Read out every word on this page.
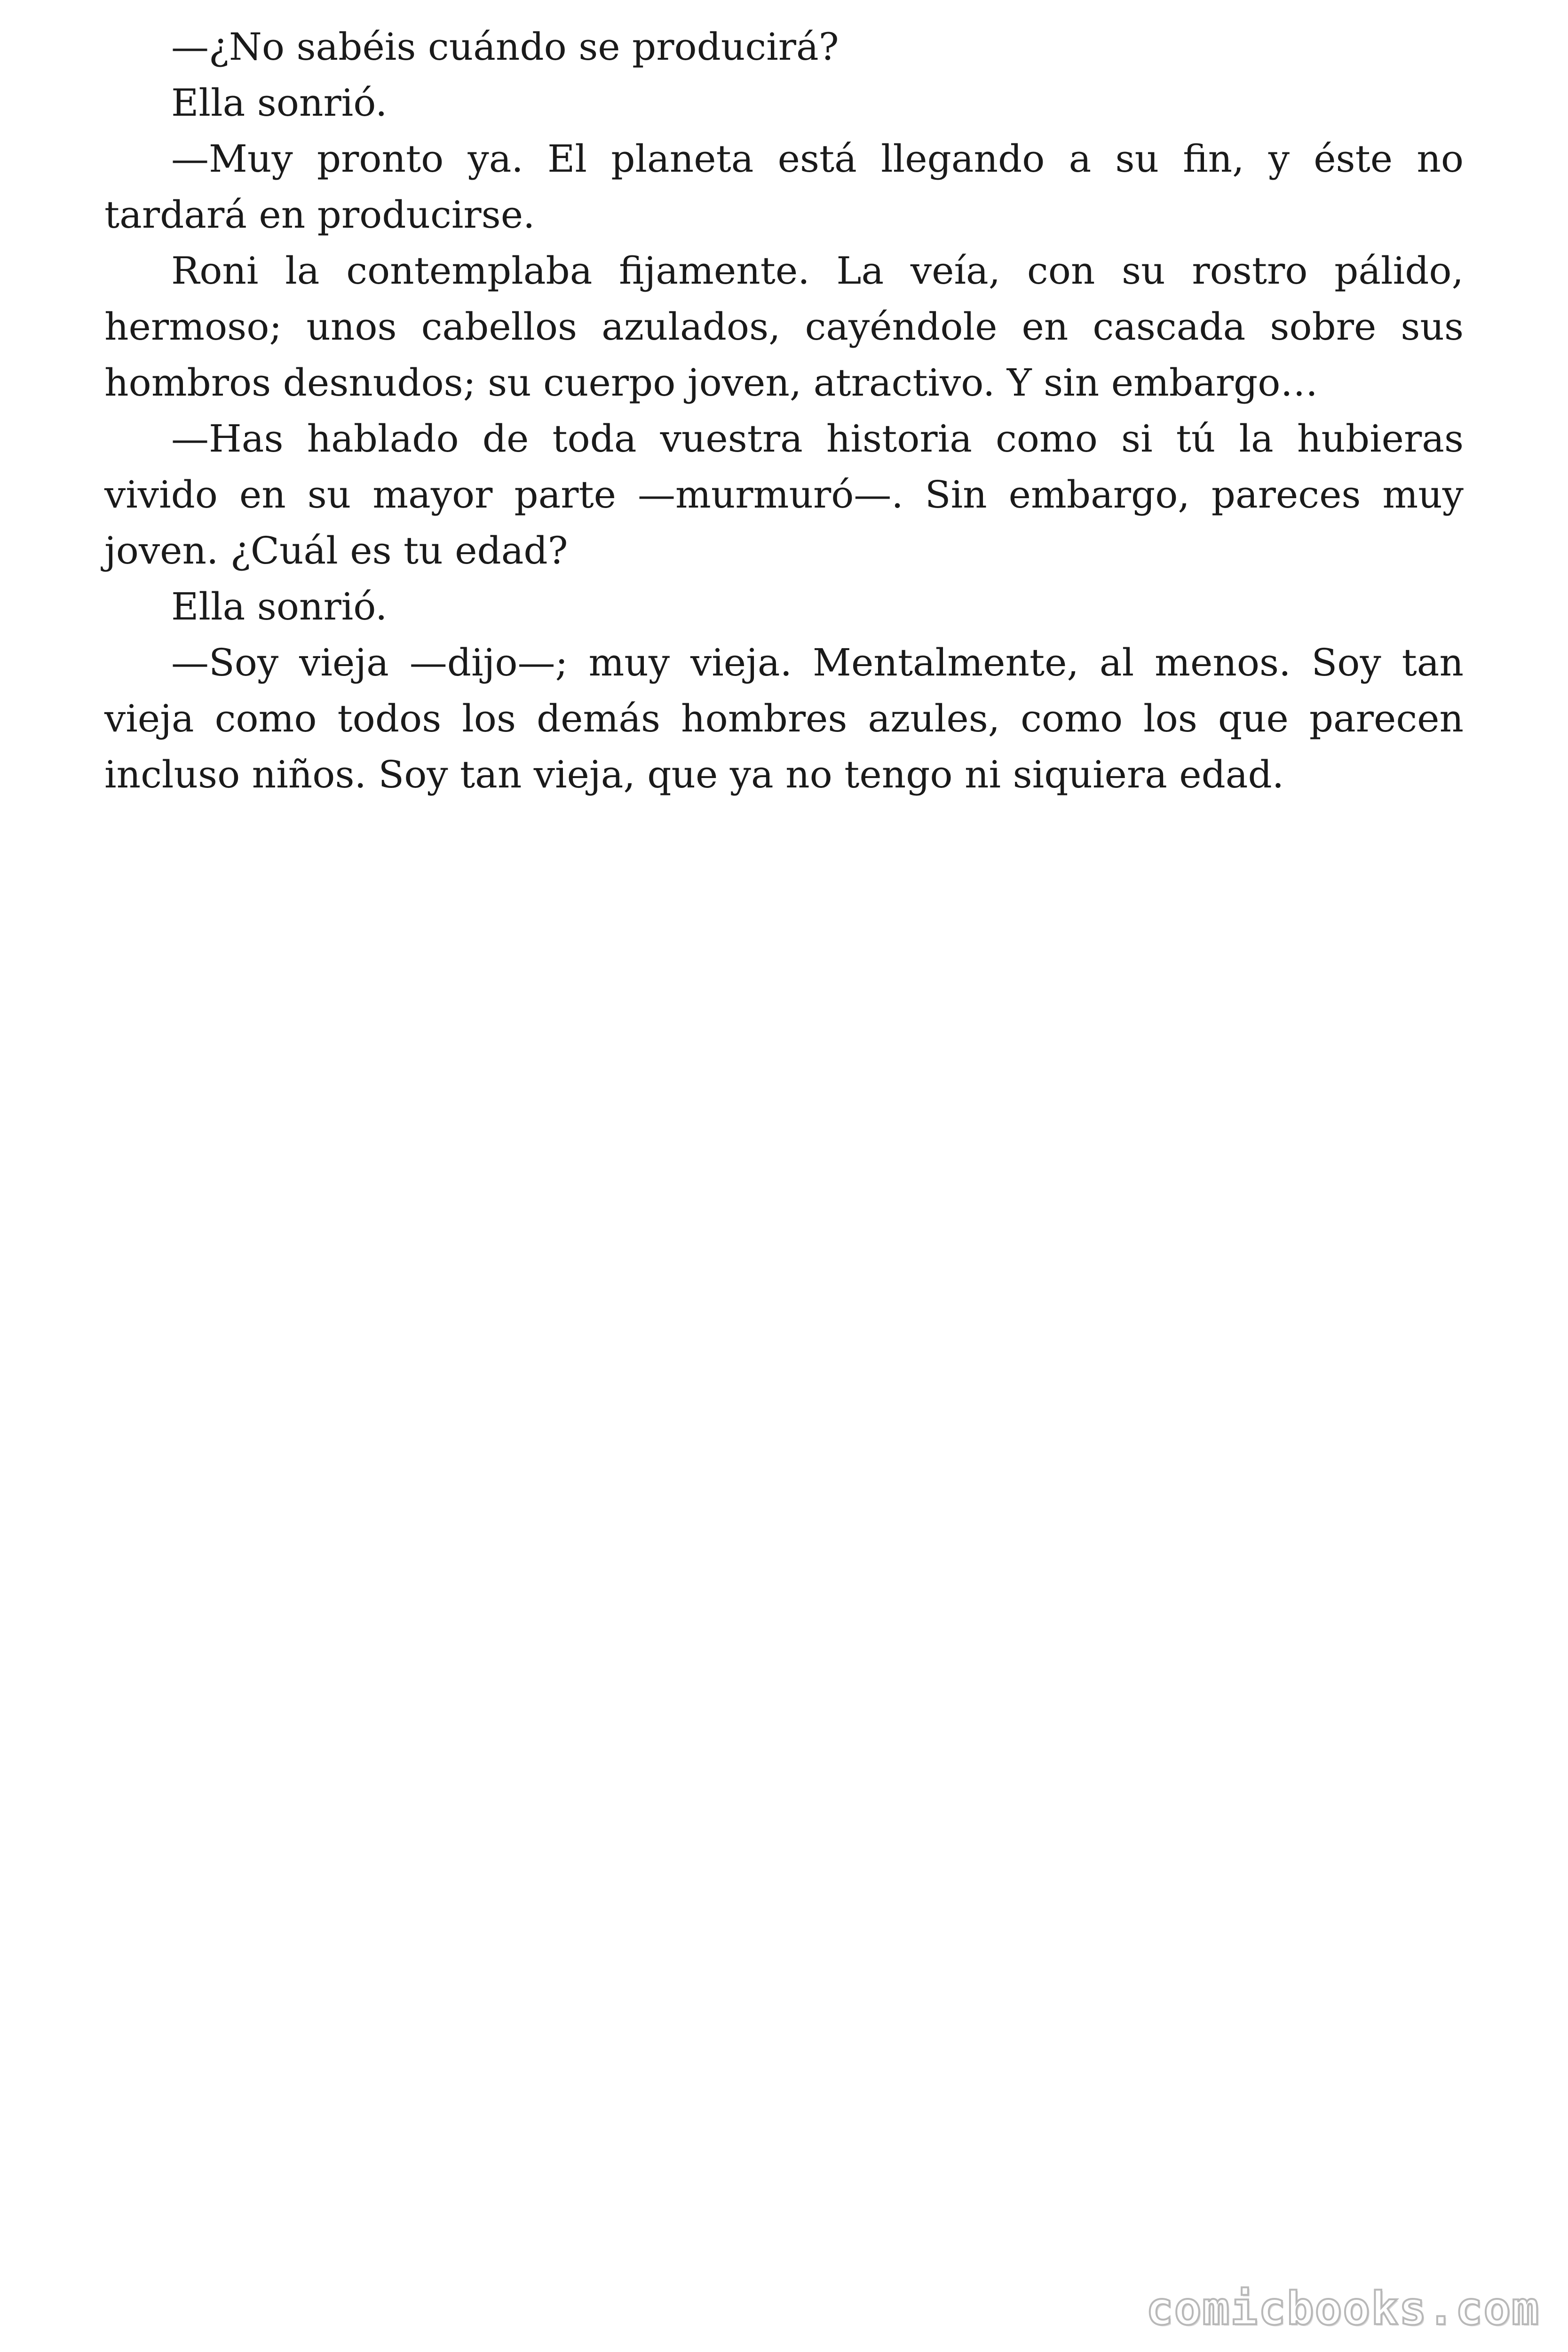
—¿No sabéis cuándo se producirá?

Ella sonrió.

—Muy pronto ya. El planeta está llegando a su fin, y éste no tardará en producirse.

Roni la contemplaba fijamente. La veía, con su rostro pálido, hermoso; unos cabellos azulados, cayéndole en cascada sobre sus hombros desnudos; su cuerpo joven, atractivo. Y sin embargo…

—Has hablado de toda vuestra historia como si tú la hubieras vivido en su mayor parte —murmuró—. Sin embargo, pareces muy joven. ¿Cuál es tu edad?

Ella sonrió.

—Soy vieja —dijo—; muy vieja. Mentalmente, al menos. Soy tan vieja como todos los demás hombres azules, como los que parecen incluso niños. Soy tan vieja, que ya no tengo ni siquiera edad.

comicbooks.com
